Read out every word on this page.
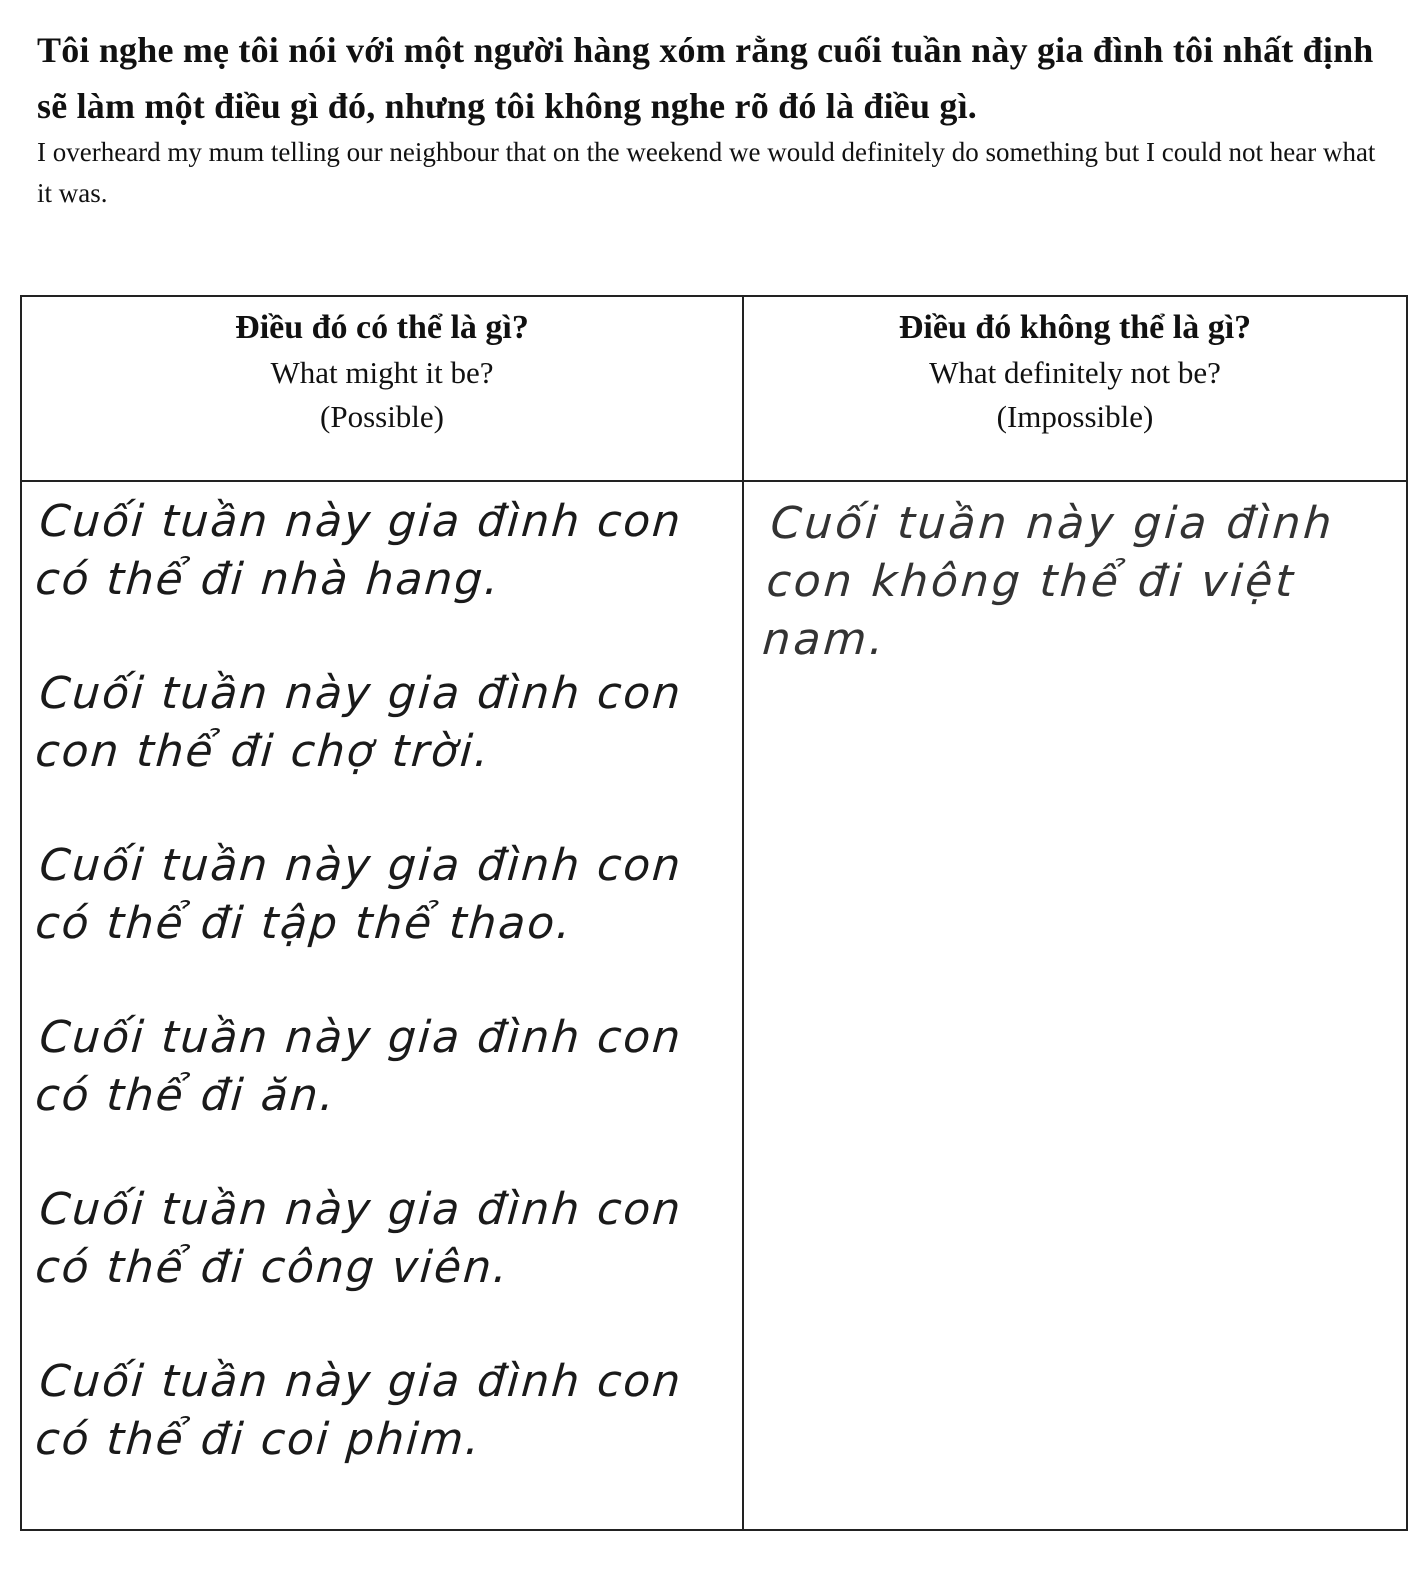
Tôi nghe mẹ tôi nói với một người hàng xóm rằng cuối tuần này gia đình tôi nhất định sẽ làm một điều gì đó, nhưng tôi không nghe rõ đó là điều gì.

I overheard my mum telling our neighbour that on the weekend we would definitely do something but I could not hear what it was.

Điều đó có thể là gì?
What might it be?
(Possible)
Điều đó không thể là gì?
What definitely not be?
(Impossible)
Cuối tuần này gia đình con có thể đi nhà hang.
Cuối tuần này gia đình con con thể đi chợ trời.
Cuối tuần này gia đình con có thể đi tập thể thao.
Cuối tuần này gia đình con có thể đi ăn.
Cuối tuần này gia đình con có thể đi công viên.
Cuối tuần này gia đình con có thể đi coi phim.
Cuối tuần này gia đình con không thể đi việt nam.
